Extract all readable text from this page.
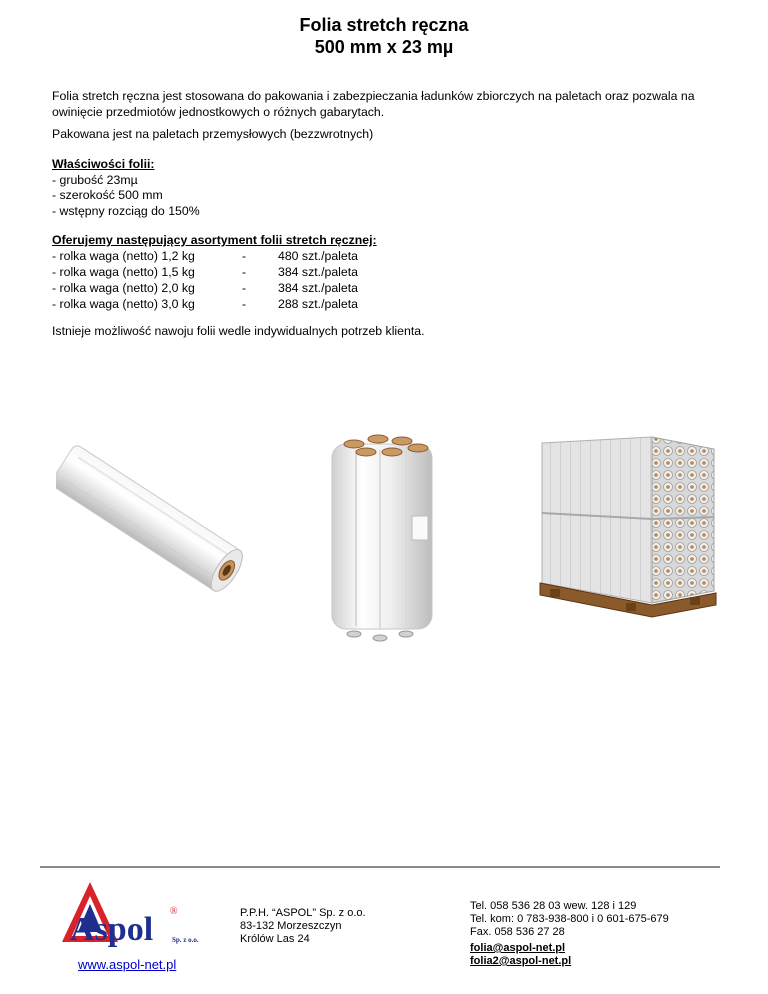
Folia stretch ręczna
500 mm x 23 mµ
Folia stretch ręczna jest stosowana do pakowania i zabezpieczania ładunków zbiorczych na paletach oraz pozwala na
owinięcie przedmiotów jednostkowych o różnych gabarytach.
Pakowana jest na paletach przemysłowych (bezzwrotnych)
Właściwości folii:
- grubość 23mµ
- szerokość 500 mm
- wstępny rozciąg do 150%
Oferujemy następujący asortyment folii stretch ręcznej:
- rolka waga (netto) 1,2 kg	-	480 szt./paleta
- rolka waga (netto) 1,5 kg	-	384 szt./paleta
- rolka waga (netto) 2,0 kg	-	384 szt./paleta
- rolka waga (netto) 3,0 kg	-	288 szt./paleta
Istnieje możliwość nawoju folii wedle indywidualnych potrzeb klienta.
Aspol ®
Sp. z o.o.
www.aspol-net.pl
P.P.H. “ASPOL” Sp. z o.o.
83-132 Morzeszczyn
Królów Las 24
Tel. 058 536 28 03 wew. 128 i 129
Tel. kom: 0 783-938-800 i 0 601-675-679
Fax. 058 536 27 28
folia@aspol-net.pl
folia2@aspol-net.pl
